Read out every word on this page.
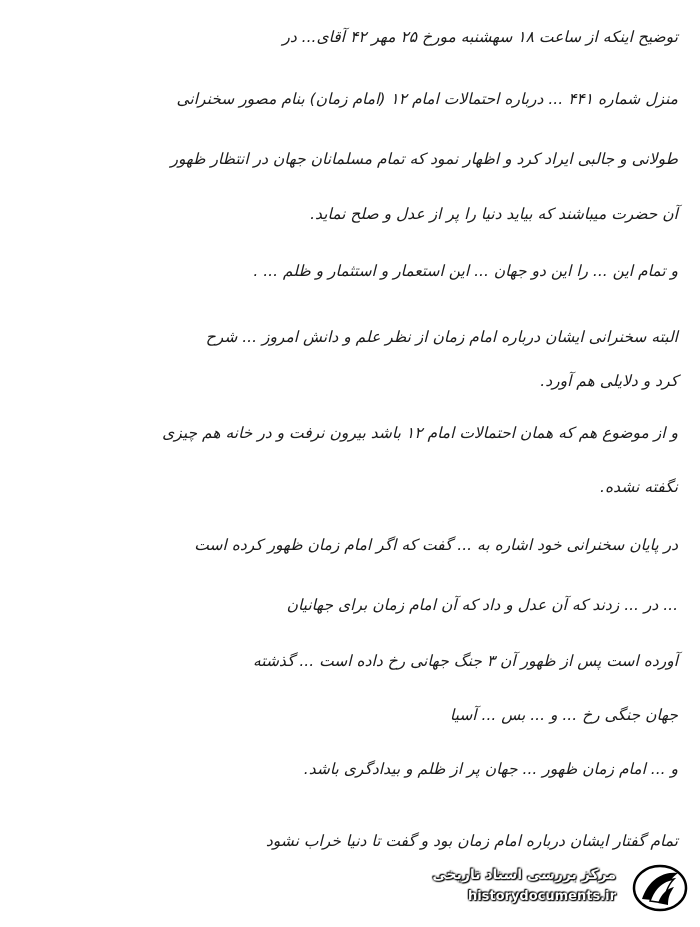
توضیح اینکه از ساعت ۱۸ سهشنبه مورخ ۲۵ مهر ۴۲ آقای... در
منزل شماره ۴۴۱ ... درباره احتمالات امام ۱۲ (امام زمان) بنام مصور سخنرانی
طولانی و جالبی ایراد کرد و اظهار نمود که تمام مسلمانان جهان در انتظار ظهور
آن حضرت میباشند که بیاید دنیا را پر از عدل و صلح نماید.
و تمام این ... را این دو جهان ... این استعمار و استثمار و ظلم ... .
البته سخنرانی ایشان درباره امام زمان از نظر علم و دانش امروز ... شرح
کرد و دلایلی هم آورد.
و از موضوع هم که همان احتمالات امام ۱۲ باشد بیرون نرفت و در خانه هم چیزی
نگفته نشده.
در پایان سخنرانی خود اشاره به ... گفت که اگر امام زمان ظهور کرده است
... در ... زدند که آن عدل و داد که آن امام زمان برای جهانیان
آورده است پس از ظهور آن ۳ جنگ جهانی رخ داده است ... گذشته
جهان جنگی رخ ... و ... بس ... آسیا
و ... امام زمان ظهور ... جهان پر از ظلم و بیدادگری باشد.
تمام گفتار ایشان درباره امام زمان بود و گفت تا دنیا خراب نشود
مرکز بررسی اسناد تاریخی
historydocuments.ir
